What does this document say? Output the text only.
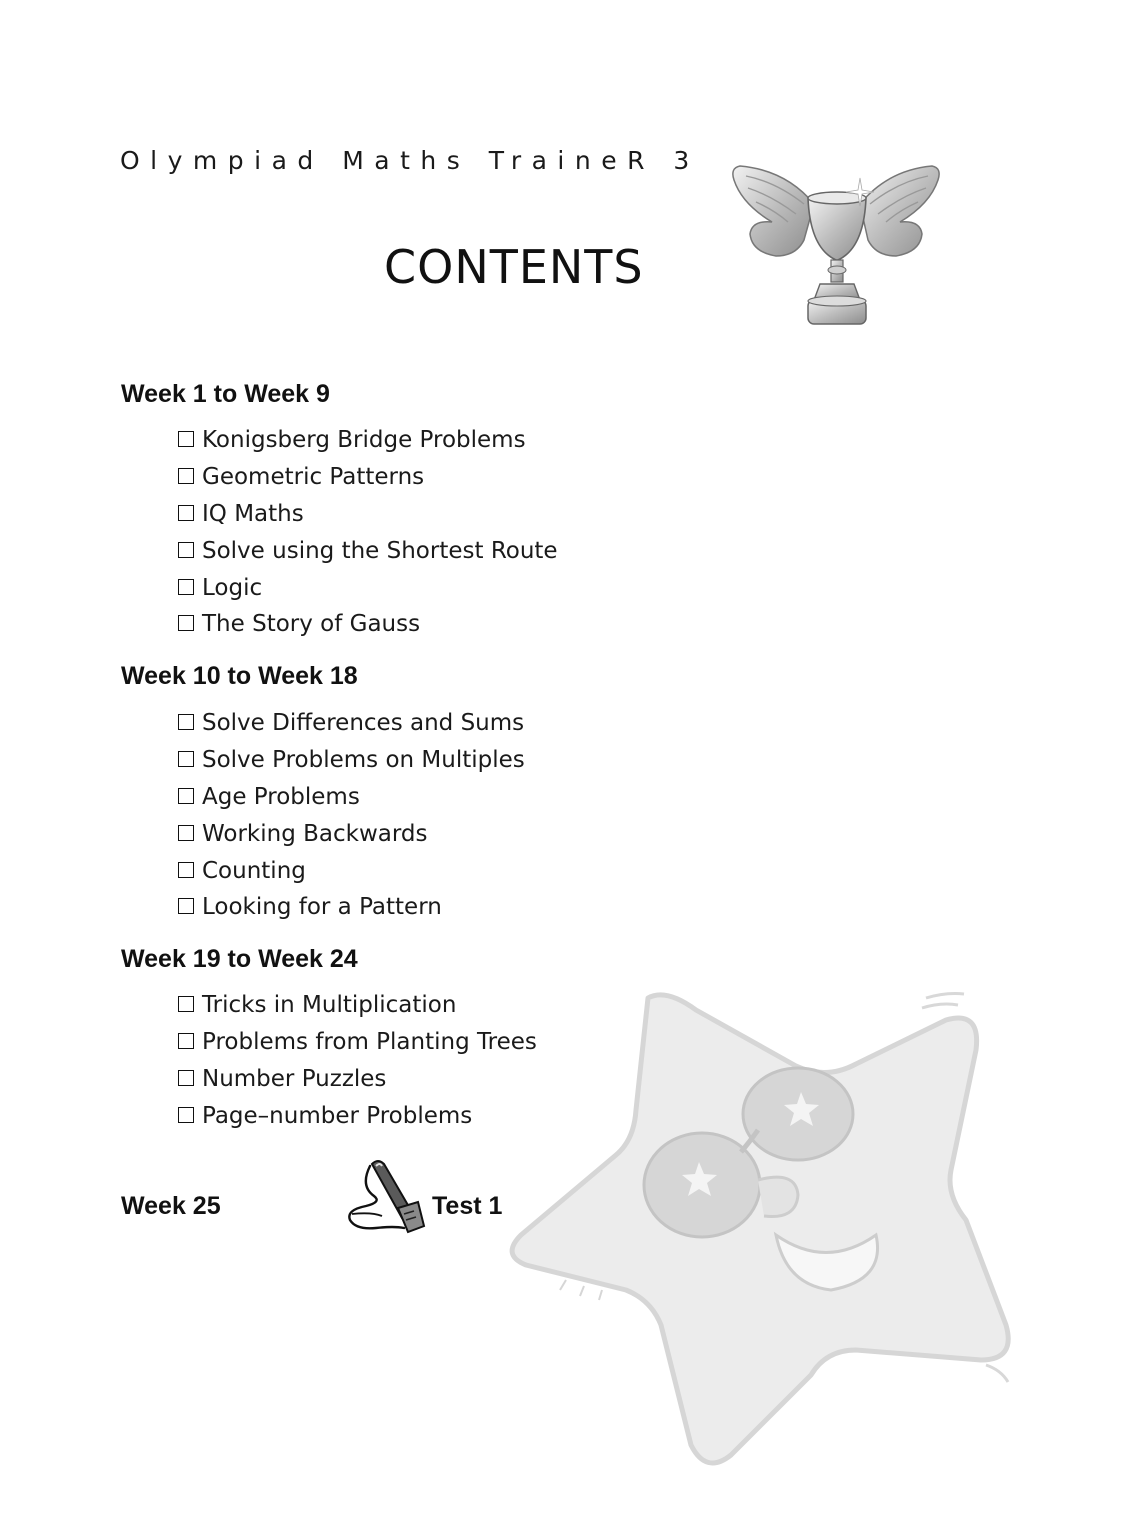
Olympiad Maths TraineR 3
CONTENTS
Week 1 to Week 9
Konigsberg Bridge Problems
Geometric Patterns
IQ Maths
Solve using the Shortest Route
Logic
The Story of Gauss
Week 10 to Week 18
Solve Differences and Sums
Solve Problems on Multiples
Age Problems
Working Backwards
Counting
Looking for a Pattern
Week 19 to Week 24
Tricks in Multiplication
Problems from Planting Trees
Number Puzzles
Page–number Problems
Week 25	Test 1
